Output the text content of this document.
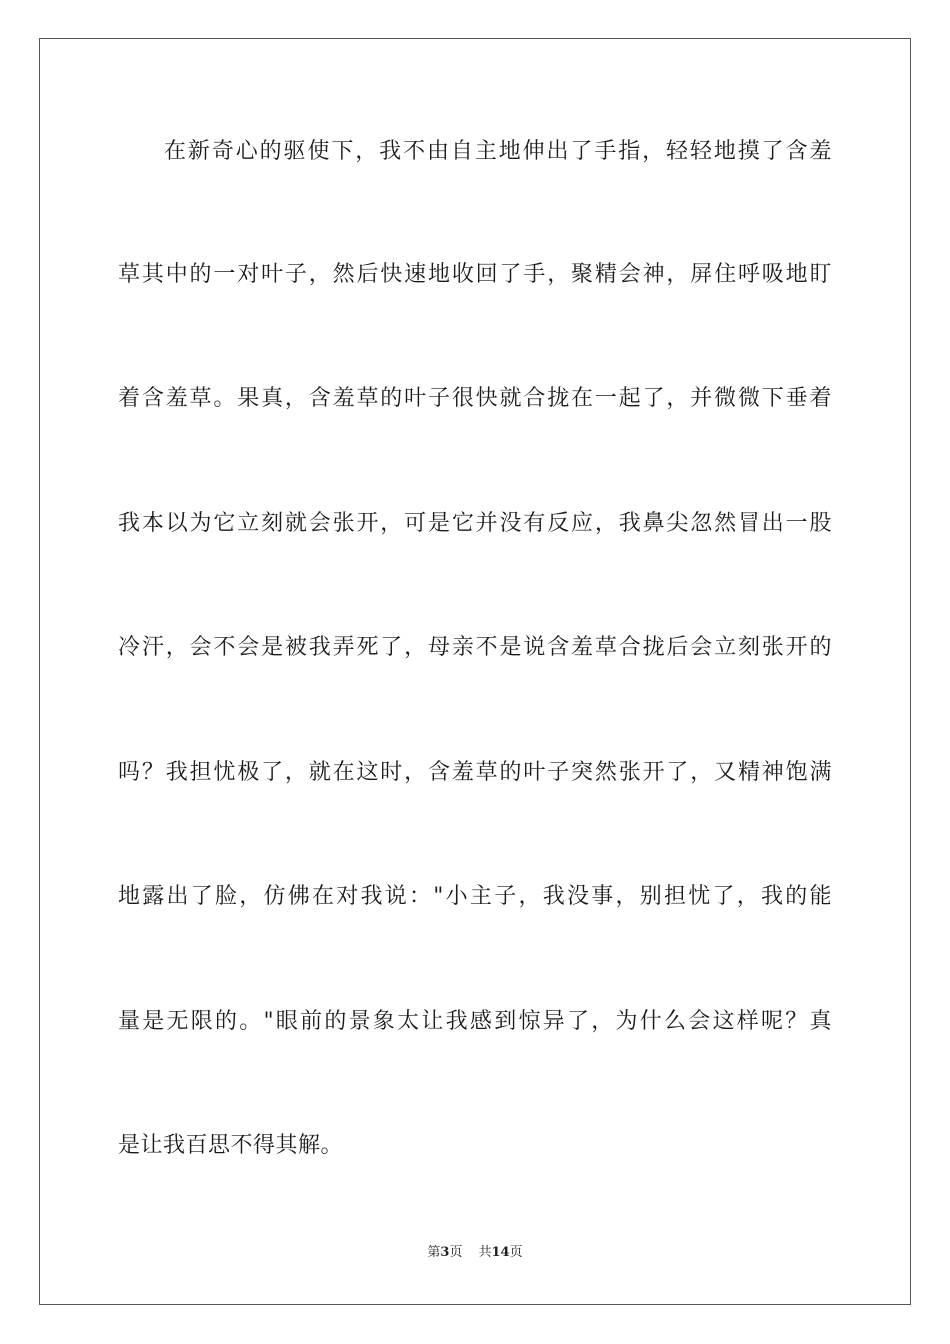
在新奇心的驱使下，我不由自主地伸出了手指，轻轻地摸了含羞
草其中的一对叶子，然后快速地收回了手，聚精会神，屏住呼吸地盯
着含羞草。果真，含羞草的叶子很快就合拢在一起了，并微微下垂着
我本以为它立刻就会张开，可是它并没有反应，我鼻尖忽然冒出一股
冷汗，会不会是被我弄死了，母亲不是说含羞草合拢后会立刻张开的
吗？我担忧极了，就在这时，含羞草的叶子突然张开了，又精神饱满
地露出了脸，仿佛在对我说："小主子，我没事，别担忧了，我的能
量是无限的。"眼前的景象太让我感到惊异了，为什么会这样呢？真
是让我百思不得其解。
第3页 共14页
